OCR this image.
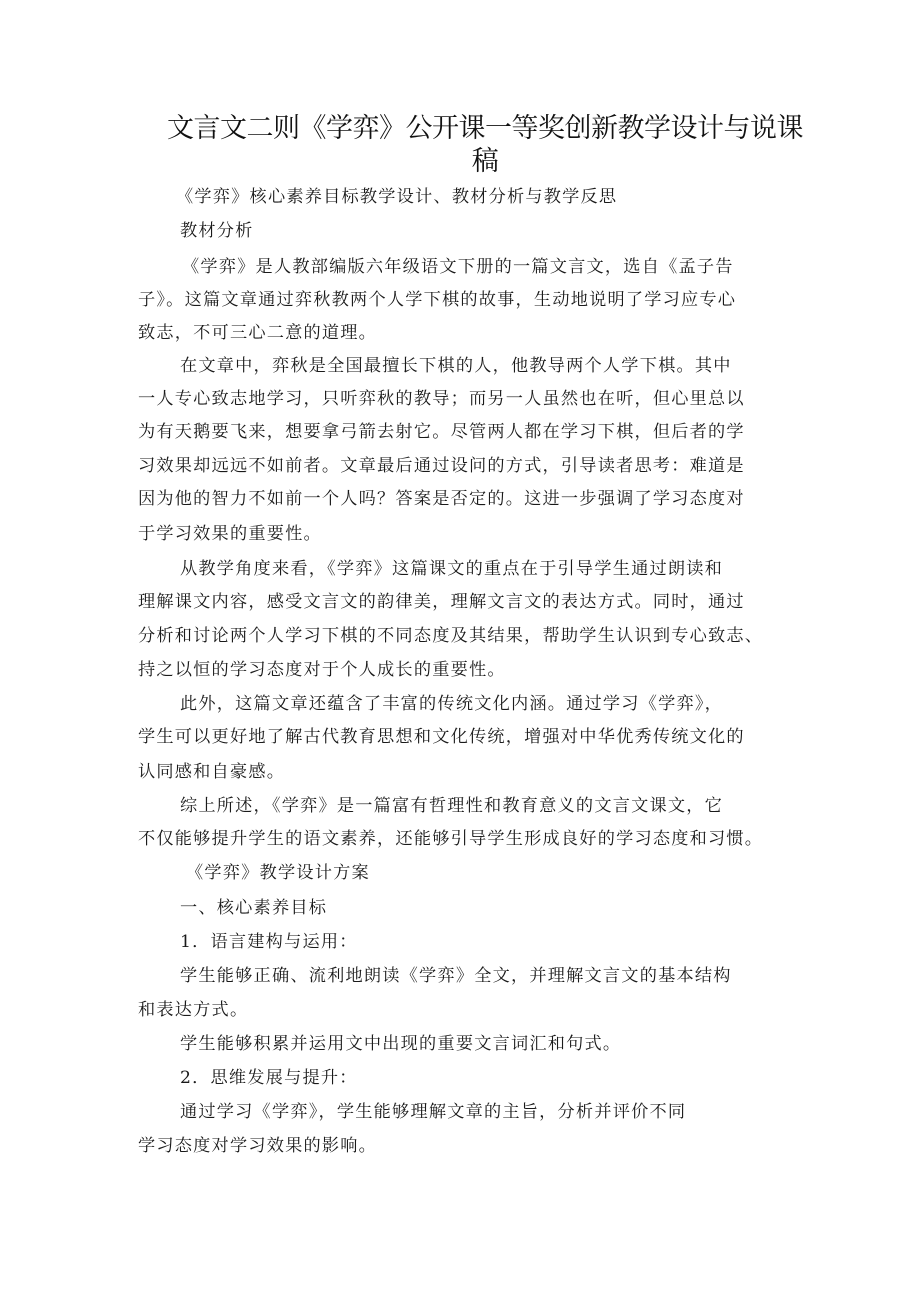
文言文二则《学弈》公开课一等奖创新教学设计与说课
稿
《学弈》核心素养目标教学设计、教材分析与教学反思
教材分析
《学弈》是人教部编版六年级语文下册的一篇文言文，选自《孟子告
子》。这篇文章通过弈秋教两个人学下棋的故事，生动地说明了学习应专心
致志，不可三心二意的道理。
在文章中，弈秋是全国最擅长下棋的人，他教导两个人学下棋。其中
一人专心致志地学习，只听弈秋的教导；而另一人虽然也在听，但心里总以
为有天鹅要飞来，想要拿弓箭去射它。尽管两人都在学习下棋，但后者的学
习效果却远远不如前者。文章最后通过设问的方式，引导读者思考：难道是
因为他的智力不如前一个人吗？答案是否定的。这进一步强调了学习态度对
于学习效果的重要性。
从教学角度来看，《学弈》这篇课文的重点在于引导学生通过朗读和
理解课文内容，感受文言文的韵律美，理解文言文的表达方式。同时，通过
分析和讨论两个人学习下棋的不同态度及其结果，帮助学生认识到专心致志、
持之以恒的学习态度对于个人成长的重要性。
此外，这篇文章还蕴含了丰富的传统文化内涵。通过学习《学弈》，
学生可以更好地了解古代教育思想和文化传统，增强对中华优秀传统文化的
认同感和自豪感。
综上所述，《学弈》是一篇富有哲理性和教育意义的文言文课文，它
不仅能够提升学生的语文素养，还能够引导学生形成良好的学习态度和习惯。
《学弈》教学设计方案
一、核心素养目标
1．语言建构与运用：
学生能够正确、流利地朗读《学弈》全文，并理解文言文的基本结构
和表达方式。
学生能够积累并运用文中出现的重要文言词汇和句式。
2．思维发展与提升：
通过学习《学弈》，学生能够理解文章的主旨，分析并评价不同
学习态度对学习效果的影响。
